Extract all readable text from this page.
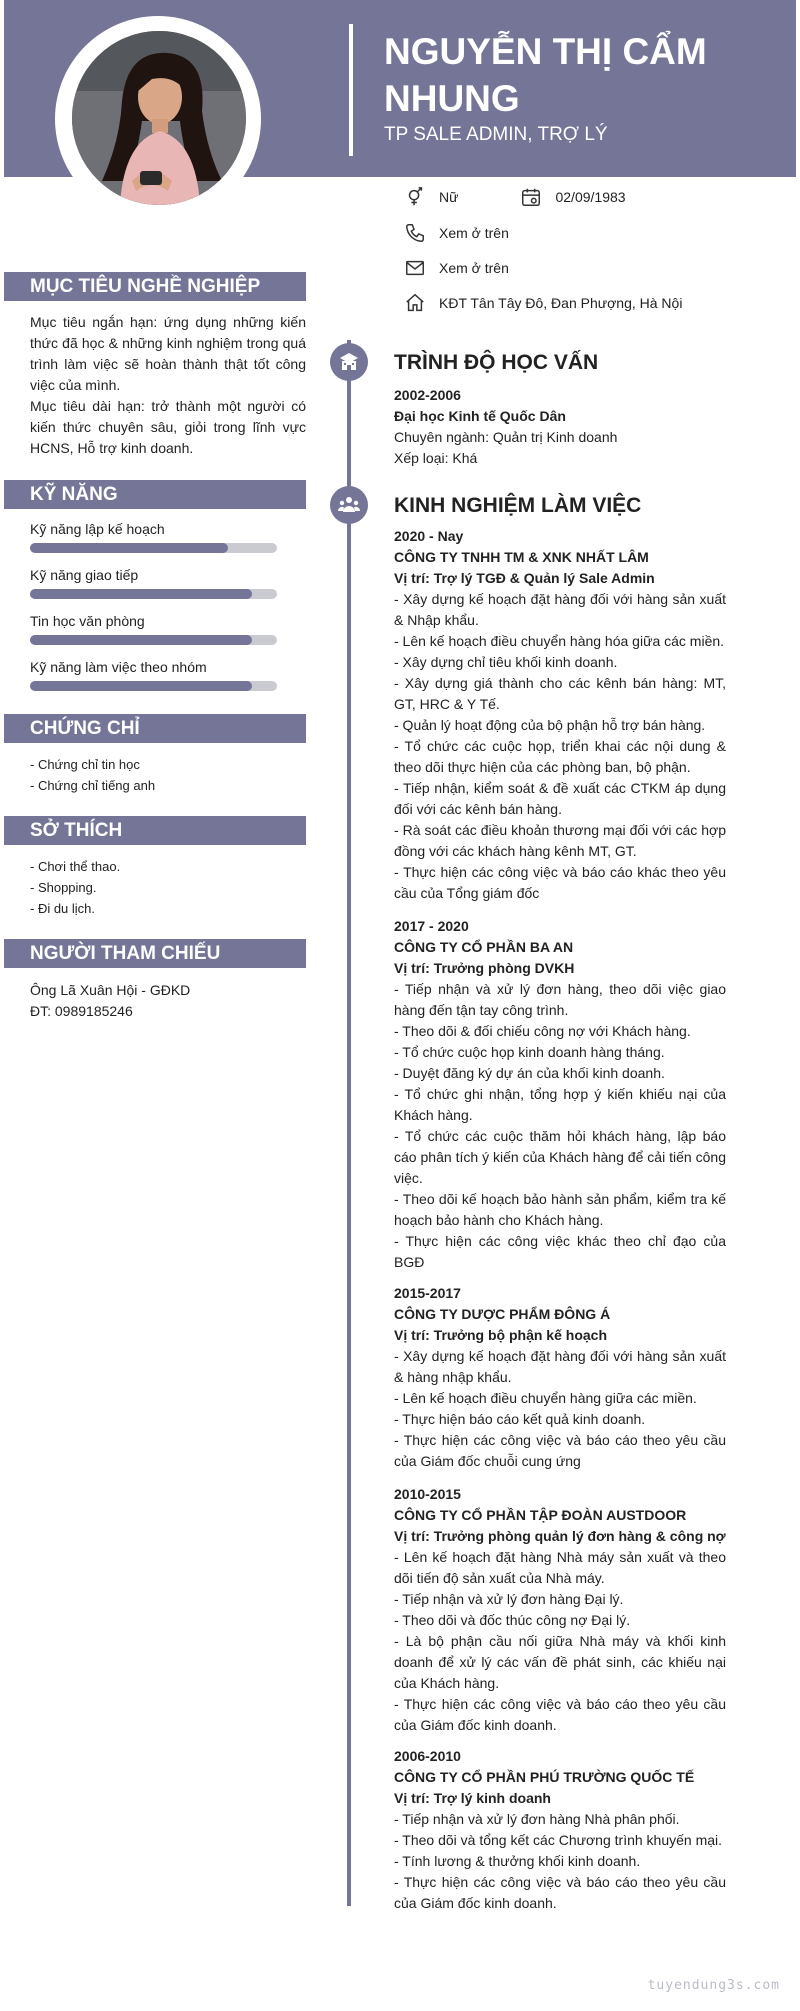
NGUYỄN THỊ CẨM NHUNG

TP SALE ADMIN, TRỢ LÝ

Nữ	02/09/1983
Xem ở trên
Xem ở trên
KĐT Tân Tây Đô, Đan Phượng, Hà Nội
MỤC TIÊU NGHỀ NGHIỆP

Mục tiêu ngắn hạn: ứng dụng những kiến thức đã học & những kinh nghiệm trong quá trình làm việc sẽ hoàn thành thật tốt công việc của mình.

Mục tiêu dài hạn: trở thành một người có kiến thức chuyên sâu, giỏi trong lĩnh vực HCNS, Hỗ trợ kinh doanh.

KỸ NĂNG
Kỹ năng lập kế hoạch
Kỹ năng giao tiếp
Tin học văn phòng
Kỹ năng làm việc theo nhóm
CHỨNG CHỈ
- Chứng chỉ tin học
- Chứng chỉ tiếng anh
SỞ THÍCH
- Chơi thể thao.
- Shopping.
- Đi du lịch.
NGƯỜI THAM CHIẾU
Ông Lã Xuân Hội - GĐKD
ĐT: 0989185246
TRÌNH ĐỘ HỌC VẤN
2002-2006
Đại học Kinh tế Quốc Dân
Chuyên ngành: Quản trị Kinh doanh
Xếp loại: Khá
KINH NGHIỆM LÀM VIỆC
2020 - Nay
CÔNG TY TNHH TM & XNK NHẤT LÂM
Vị trí: Trợ lý TGĐ & Quản lý Sale Admin
- Xây dựng kế hoạch đặt hàng đối với hàng sản xuất & Nhập khẩu.
- Lên kế hoạch điều chuyển hàng hóa giữa các miền.
- Xây dựng chỉ tiêu khối kinh doanh.
- Xây dựng giá thành cho các kênh bán hàng: MT, GT, HRC & Y Tế.
- Quản lý hoạt động của bộ phận hỗ trợ bán hàng.
- Tổ chức các cuộc họp, triển khai các nội dung & theo dõi thực hiện của các phòng ban, bộ phận.
- Tiếp nhận, kiểm soát & đề xuất các CTKM áp dụng đối với các kênh bán hàng.
- Rà soát các điều khoản thương mại đối với các hợp đồng với các khách hàng kênh MT, GT.
- Thực hiện các công việc và báo cáo khác theo yêu cầu của Tổng giám đốc
2017 - 2020
CÔNG TY CỔ PHẦN BA AN
Vị trí: Trưởng phòng DVKH
- Tiếp nhận và xử lý đơn hàng, theo dõi việc giao hàng đến tận tay công trình.
- Theo dõi & đối chiếu công nợ với Khách hàng.
- Tổ chức cuộc họp kinh doanh hàng tháng.
- Duyệt đăng ký dự án của khối kinh doanh.
- Tổ chức ghi nhận, tổng hợp ý kiến khiếu nại của Khách hàng.
- Tổ chức các cuộc thăm hỏi khách hàng, lập báo cáo phân tích ý kiến của Khách hàng để cải tiến công việc.
- Theo dõi kế hoạch bảo hành sản phẩm, kiểm tra kế hoạch bảo hành cho Khách hàng.
- Thực hiện các công việc khác theo chỉ đạo của BGĐ
2015-2017
CÔNG TY DƯỢC PHẨM ĐÔNG Á
Vị trí: Trưởng bộ phận kế hoạch
- Xây dựng kế hoạch đặt hàng đối với hàng sản xuất & hàng nhập khẩu.
- Lên kế hoạch điều chuyển hàng giữa các miền.
- Thực hiện báo cáo kết quả kinh doanh.
- Thực hiện các công việc và báo cáo theo yêu cầu của Giám đốc chuỗi cung ứng
2010-2015
CÔNG TY CỔ PHẦN TẬP ĐOÀN AUSTDOOR
Vị trí: Trưởng phòng quản lý đơn hàng & công nợ
- Lên kế hoạch đặt hàng Nhà máy sản xuất và theo dõi tiến độ sản xuất của Nhà máy.
- Tiếp nhận và xử lý đơn hàng Đại lý.
- Theo dõi và đốc thúc công nợ Đại lý.
- Là bộ phận cầu nối giữa Nhà máy và khối kinh doanh để xử lý các vấn đề phát sinh, các khiếu nại của Khách hàng.
- Thực hiện các công việc và báo cáo theo yêu cầu của Giám đốc kinh doanh.
2006-2010
CÔNG TY CỔ PHẦN PHÚ TRƯỜNG QUỐC TẾ
Vị trí: Trợ lý kinh doanh
- Tiếp nhận và xử lý đơn hàng Nhà phân phối.
- Theo dõi và tổng kết các Chương trình khuyến mại.
- Tính lương & thưởng khối kinh doanh.
- Thực hiện các công việc và báo cáo theo yêu cầu của Giám đốc kinh doanh.
tuyendung3s.com
